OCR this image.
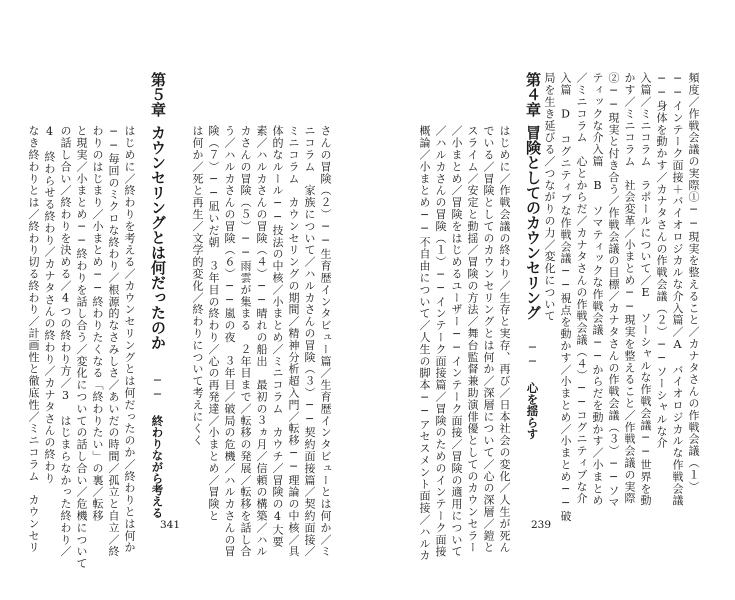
第５章
カウンセリングとは何だったのか
── 終わりながら考える
はじめに／終わりを考える／カウンセリングとは何だったのか／終わりとは何か
──毎回のミクロな終わり／根源的なさみしさ／あいだの時間／孤立と自立／終
わりのはじまり／小まとめ──終わりたくなる「終わりたい」の裏／転移
と現実／小まとめ──終わりを話し合う／変化についての話し合い／危機について
の話し合い／終わりを決める／4つの終わり方／3　はじまらなかった終わり／
4　終わらせる終わり／カナタさんの終わり／カナタさんの終わり
なき終わりとは／終わり切る終わり／計画性と徹底性／ミニコラム　カウンセリ	さんの冒険（２）──生育歴インタビュー篇／生育歴インタビューとは何か／ミ
ニコラム　家族について／ハルカさんの冒険（３）──契約面接篇／契約面接／
ミニコラム　カウンセリングの期間／精神分析超入門／転移──理論の中核／具
体的なルール──技法の中核／小まとめ／ミニコラム　カウチ／冒険の4大要
素／ハルカさんの冒険（４）──晴れの船出　最初の３ヵ月／信頼の構築／ハル
カさんの冒険（５）──雨雲が集まる　２年目まで／転移の発展／転移を話し合
う／ハルカさんの冒険（６）──嵐の夜　３年目／破局の危機／ハルカさんの冒
険（７）──凪いだ朝　３年目の終わり／心の再発達／小まとめ／冒険と
は何か／死と再生／文学的変化／終わりについて考えにくく
341
第４章
冒険としてのカウンセリング
── 心を揺らす	頻度／作戦会議の実際①──現実を整えること／カナタさんの作戦会議（１）
──インテーク面接＋バイオロジカルな介入篇／A　バイオロジカルな作戦会議
──身体を動かす／カナタさんの作戦会議（２）──ソーシャルな介
入篇／ミニコラム　ラポールについて／E　ソーシャルな作戦会議──世界を動
かす／ミニコラム　社会変革／小まとめ──現実を整えること／作戦会議の実際
②──現実と付き合う／作戦会議の目標／カナタさんの作戦会議（３）──ソマ
ティックな介入篇　B　ソマティックな作戦会議──からだを動かす／小まとめ
／ミニコラム　心とからだ／カナタさんの作戦会議（４）──コグニティブな介
入篇　D　コグニティブな作戦会議──視点を動かす／小まとめ／小まとめ──破
局を生き延びる／つながりの力／変化について
はじめに／作戦会議の終わり／生存と実存、再び／日本社会の変化／人生が死ん
でいる／冒険としてのカウンセリングとは何か／深層について／心の深層／鎧と
スライム／安定と動揺／冒険の方法／舞台監督兼助演俳優としてのカウンセラー
／小まとめ／冒険をはじめるユーザー──インテーク面接／冒険の適用について
／ハルカさんの冒険（１）──インテーク面接篇／冒険のためのインテーク面接
概論／小まとめ──不自由について／人生の脚本──アセスメント面接／ハルカ	239
